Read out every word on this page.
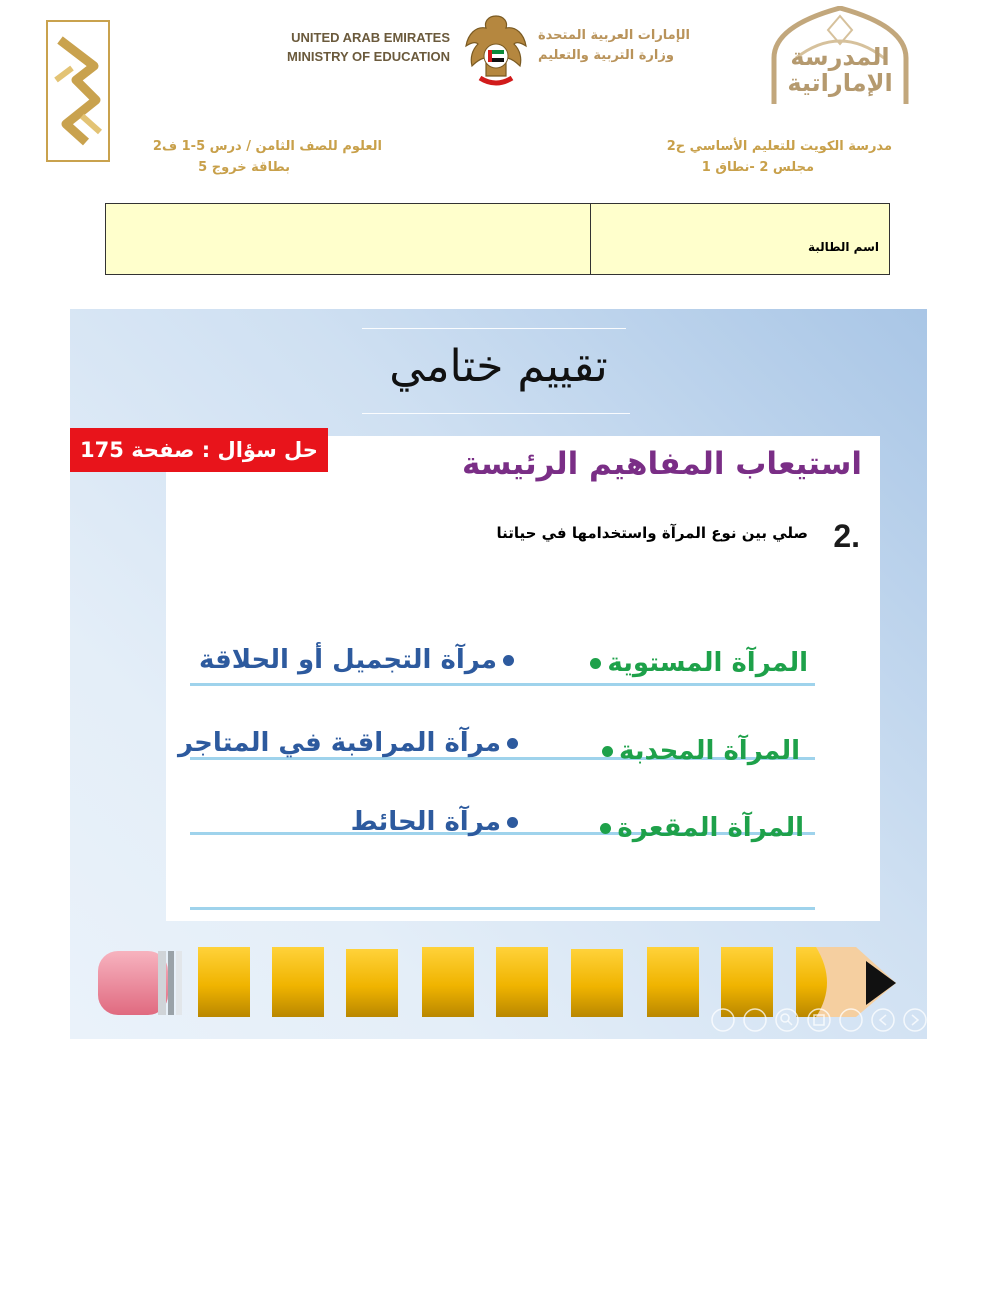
UNITED ARAB EMIRATES
MINISTRY OF EDUCATION
الإمارات العربية المتحدة
وزارة التربية والتعليم	المدرسة
الإماراتية
العلوم للصف الثامن / درس 5-1 ف2
بطاقة خروج 5
مدرسة الكويت للتعليم الأساسي ح2
مجلس 2 -نطاق 1
اسم الطالبة
تقييم ختامي
استيعاب المفاهيم الرئيسة
2.
صلي بين نوع المرآة واستخدامها في حياتنا
المرآة المستوية
المرآة المحدبة
المرآة المقعرة
مرآة التجميل أو الحلاقة
مرآة المراقبة في المتاجر
مرآة الحائط
حل سؤال : صفحة 175
